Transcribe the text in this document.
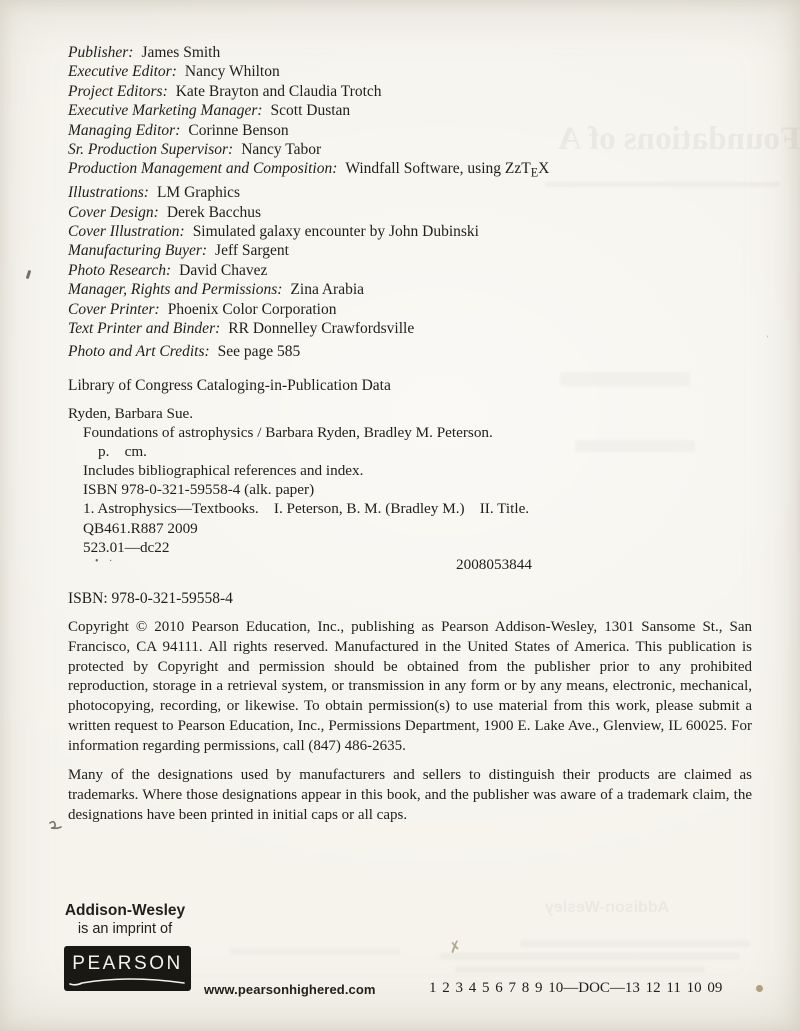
Foundations of A
Addison-Wesley
Publisher: James Smith
Executive Editor: Nancy Whilton
Project Editors: Kate Brayton and Claudia Trotch
Executive Marketing Manager: Scott Dustan
Managing Editor: Corinne Benson
Sr. Production Supervisor: Nancy Tabor
Production Management and Composition: Windfall Software, using ZzT$_E$X
Illustrations: LM Graphics
Cover Design: Derek Bacchus
Cover Illustration: Simulated galaxy encounter by John Dubinski
Manufacturing Buyer: Jeff Sargent
Photo Research: David Chavez
Manager, Rights and Permissions: Zina Arabia
Cover Printer: Phoenix Color Corporation
Text Printer and Binder: RR Donnelley Crawfordsville
Photo and Art Credits: See page 585
Library of Congress Cataloging-in-Publication Data
Ryden, Barbara Sue.
Foundations of astrophysics / Barbara Ryden, Bradley M. Peterson.
p.    cm.
Includes bibliographical references and index.
ISBN 978-0-321-59558-4 (alk. paper)
1. Astrophysics—Textbooks.    I. Peterson, B. M. (Bradley M.)    II. Title.
QB461.R887 2009
523.01—dc22
2008053844
ISBN: 978-0-321-59558-4
Copyright © 2010 Pearson Education, Inc., publishing as Pearson Addison-Wesley, 1301 Sansome St., San Francisco, CA 94111. All rights reserved. Manufactured in the United States of America. This publication is protected by Copyright and permission should be obtained from the publisher prior to any prohibited reproduction, storage in a retrieval system, or transmission in any form or by any means, electronic, mechanical, photocopying, recording, or likewise. To obtain permission(s) to use material from this work, please submit a written request to Pearson Education, Inc., Permissions Department, 1900 E. Lake Ave., Glenview, IL 60025. For information regarding permissions, call (847) 486-2635.
Many of the designations used by manufacturers and sellers to distinguish their products are claimed as trademarks. Where those designations appear in this book, and the publisher was aware of a trademark claim, the designations have been printed in initial caps or all caps.
Addison-Wesley
is an imprint of
PEARSON
www.pearsonhighered.com	1 2 3 4 5 6 7 8 9 10—DOC—13 12 11 10 09
• ·
✗
`
